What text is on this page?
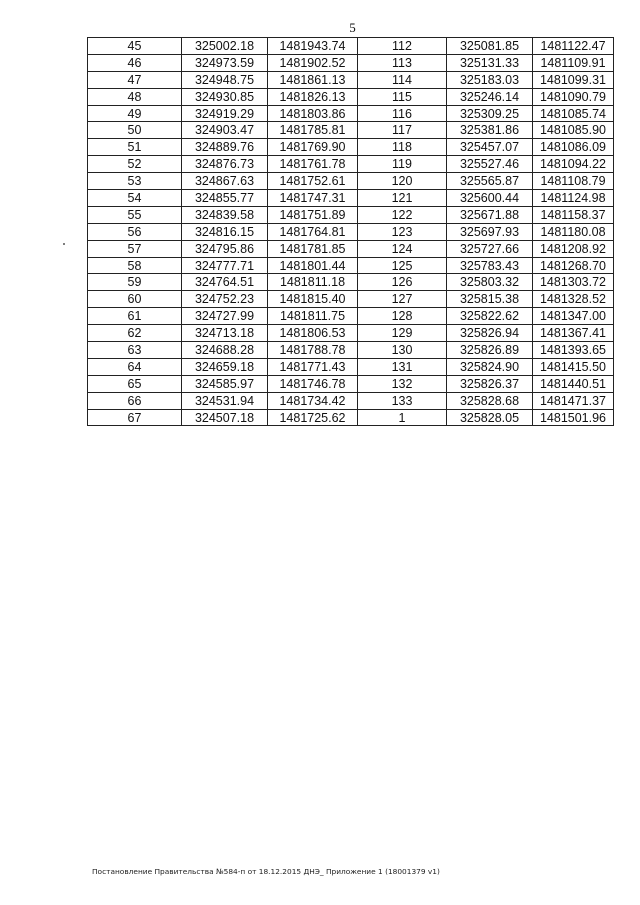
5
45	325002.18	1481943.74	112	325081.85	1481122.47
46	324973.59	1481902.52	113	325131.33	1481109.91
47	324948.75	1481861.13	114	325183.03	1481099.31
48	324930.85	1481826.13	115	325246.14	1481090.79
49	324919.29	1481803.86	116	325309.25	1481085.74
50	324903.47	1481785.81	117	325381.86	1481085.90
51	324889.76	1481769.90	118	325457.07	1481086.09
52	324876.73	1481761.78	119	325527.46	1481094.22
53	324867.63	1481752.61	120	325565.87	1481108.79
54	324855.77	1481747.31	121	325600.44	1481124.98
55	324839.58	1481751.89	122	325671.88	1481158.37
56	324816.15	1481764.81	123	325697.93	1481180.08
57	324795.86	1481781.85	124	325727.66	1481208.92
58	324777.71	1481801.44	125	325783.43	1481268.70
59	324764.51	1481811.18	126	325803.32	1481303.72
60	324752.23	1481815.40	127	325815.38	1481328.52
61	324727.99	1481811.75	128	325822.62	1481347.00
62	324713.18	1481806.53	129	325826.94	1481367.41
63	324688.28	1481788.78	130	325826.89	1481393.65
64	324659.18	1481771.43	131	325824.90	1481415.50
65	324585.97	1481746.78	132	325826.37	1481440.51
66	324531.94	1481734.42	133	325828.68	1481471.37
67	324507.18	1481725.62	1	325828.05	1481501.96
Постановление Правительства №584-п от 18.12.2015 ДНЭ_ Приложение 1 (18001379 v1)
